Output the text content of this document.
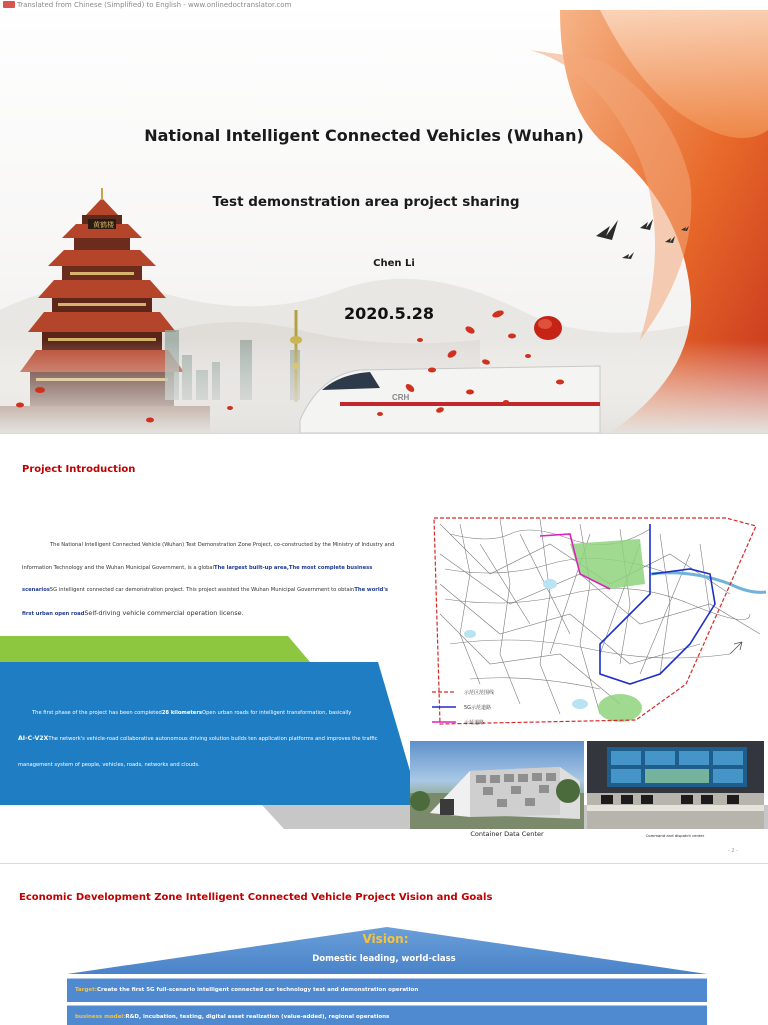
Translated from Chinese (Simplified) to English - www.onlinedoctranslator.com
CRH
黄鹤楼
National Intelligent Connected Vehicles (Wuhan)
Test demonstration area project sharing
Chen Li
2020.5.28
Project Introduction
The National Intelligent Connected Vehicle (Wuhan) Test Demonstration Zone Project, co-constructed by the Ministry of Industry and Information Technology and the Wuhan Municipal Government, is a globalThe largest built-up area,The most complete business scenarios5G intelligent connected car demonstration project. This project assisted the Wuhan Municipal Government to obtainThe world's first urban open roadSelf-driving vehicle commercial operation license.
示范区范围线
5G示范道路
示范道路
The first phase of the project has been completed28 kilometersOpen urban roads for intelligent transformation, basically
AI-C-V2XThe network's vehicle-road collaborative autonomous driving solution builds ten application platforms and improves the traffic management system of people, vehicles, roads, networks and clouds.
Container Data Center	Command and dispatch center
- 2 -
Economic Development Zone Intelligent Connected Vehicle Project Vision and Goals
Vision:
Domestic leading, world-class
Target:Create the first 5G full-scenario intelligent connected car technology test and demonstration operation
business model:R&D, incubation, testing, digital asset realization (value-added), regional operations
